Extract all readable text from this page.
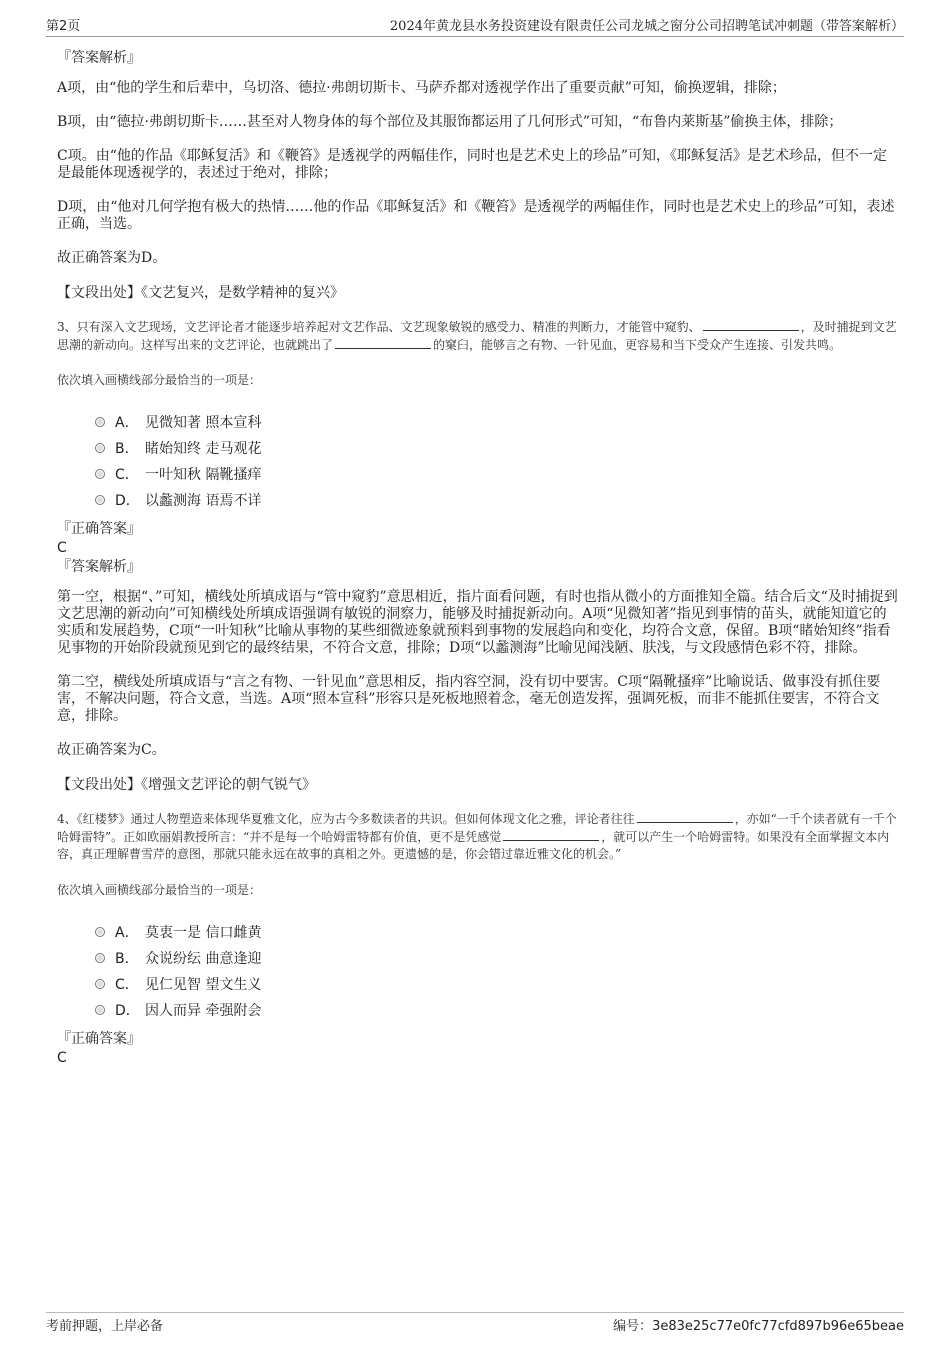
第2页	2024年黄龙县水务投资建设有限责任公司龙城之窗分公司招聘笔试冲刺题（带答案解析）
『答案解析』

A项，由“他的学生和后辈中，乌切洛、德拉·弗朗切斯卡、马萨乔都对透视学作出了重要贡献”可知，偷换逻辑，排除；

B项，由“德拉·弗朗切斯卡……甚至对人物身体的每个部位及其服饰都运用了几何形式”可知，“布鲁内莱斯基”偷换主体，排除；

C项。由“他的作品《耶稣复活》和《鞭笞》是透视学的两幅佳作，同时也是艺术史上的珍品”可知，《耶稣复活》是艺术珍品，但不一定是最能体现透视学的，表述过于绝对，排除；

D项，由“他对几何学抱有极大的热情……他的作品《耶稣复活》和《鞭笞》是透视学的两幅佳作，同时也是艺术史上的珍品”可知，表述正确，当选。

故正确答案为D。

【文段出处】《文艺复兴，是数学精神的复兴》

3、只有深入文艺现场，文艺评论者才能逐步培养起对文艺作品、文艺现象敏锐的感受力、精准的判断力，才能管中窥豹、	，及时捕捉到文艺思潮的新动向。这样写出来的文艺评论，也就跳出了	的窠臼，能够言之有物、一针见血，更容易和当下受众产生连接、引发共鸣。

依次填入画横线部分最恰当的一项是：
A． 见微知著 照本宣科
B． 睹始知终 走马观花
C． 一叶知秋 隔靴搔痒
D． 以蠡测海 语焉不详
『正确答案』
C
『答案解析』

第一空，根据“、”可知，横线处所填成语与“管中窥豹”意思相近，指片面看问题，有时也指从微小的方面推知全篇。结合后文“及时捕捉到文艺思潮的新动向”可知横线处所填成语强调有敏锐的洞察力，能够及时捕捉新动向。A项“见微知著”指见到事情的苗头，就能知道它的实质和发展趋势，C项“一叶知秋”比喻从事物的某些细微迹象就预料到事物的发展趋向和变化，均符合文意，保留。B项“睹始知终”指看见事物的开始阶段就预见到它的最终结果，不符合文意，排除；D项“以蠡测海”比喻见闻浅陋、肤浅，与文段感情色彩不符，排除。

第二空，横线处所填成语与“言之有物、一针见血”意思相反，指内容空洞，没有切中要害。C项“隔靴搔痒”比喻说话、做事没有抓住要害，不解决问题，符合文意，当选。A项“照本宣科”形容只是死板地照着念，毫无创造发挥，强调死板，而非不能抓住要害，不符合文意，排除。

故正确答案为C。

【文段出处】《增强文艺评论的朝气锐气》

4、《红楼梦》通过人物塑造来体现华夏雅文化，应为古今多数读者的共识。但如何体现文化之雅，评论者往往	，亦如“一千个读者就有一千个哈姆雷特”。正如欧丽娟教授所言：“并不是每一个哈姆雷特都有价值，更不是凭感觉	，就可以产生一个哈姆雷特。如果没有全面掌握文本内容，真正理解曹雪芹的意图，那就只能永远在故事的真相之外。更遗憾的是，你会错过靠近雅文化的机会。”

依次填入画横线部分最恰当的一项是：
A． 莫衷一是 信口雌黄
B． 众说纷纭 曲意逢迎
C． 见仁见智 望文生义
D． 因人而异 牵强附会
『正确答案』
C
考前押题，上岸必备	编号：3e83e25c77e0fc77cfd897b96e65beae
